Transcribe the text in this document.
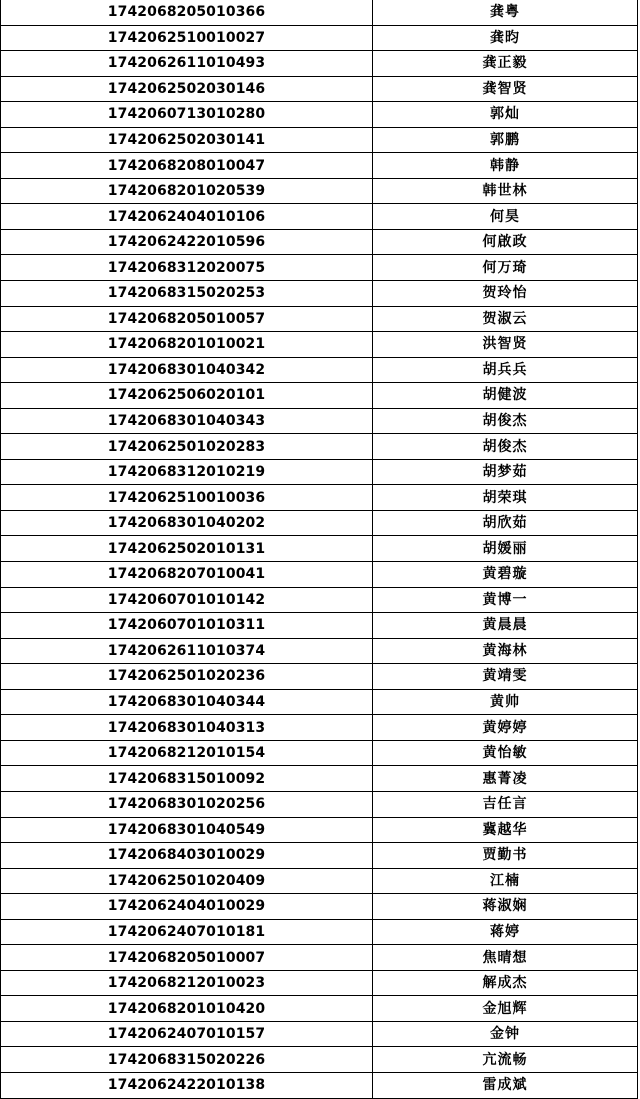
1742068205010366	龚粤
1742062510010027	龚昀
1742062611010493	龚正毅
1742062502030146	龚智贤
1742060713010280	郭灿
1742062502030141	郭鹏
1742068208010047	韩静
1742068201020539	韩世林
1742062404010106	何昊
1742062422010596	何啟政
1742068312020075	何万琦
1742068315020253	贺玲怡
1742068205010057	贺淑云
1742068201010021	洪智贤
1742068301040342	胡兵兵
1742062506020101	胡健波
1742068301040343	胡俊杰
1742062501020283	胡俊杰
1742068312010219	胡梦茹
1742062510010036	胡荣琪
1742068301040202	胡欣茹
1742062502010131	胡媛丽
1742068207010041	黄碧璇
1742060701010142	黄博一
1742060701010311	黄晨晨
1742062611010374	黄海林
1742062501020236	黄靖雯
1742068301040344	黄帅
1742068301040313	黄婷婷
1742068212010154	黄怡敏
1742068315010092	惠菁凌
1742068301020256	吉任言
1742068301040549	冀越华
1742068403010029	贾勤书
1742062501020409	江楠
1742062404010029	蒋淑娴
1742062407010181	蒋婷
1742068205010007	焦晴想
1742068212010023	解成杰
1742068201010420	金旭辉
1742062407010157	金钟
1742068315020226	亢流畅
1742062422010138	雷成斌
